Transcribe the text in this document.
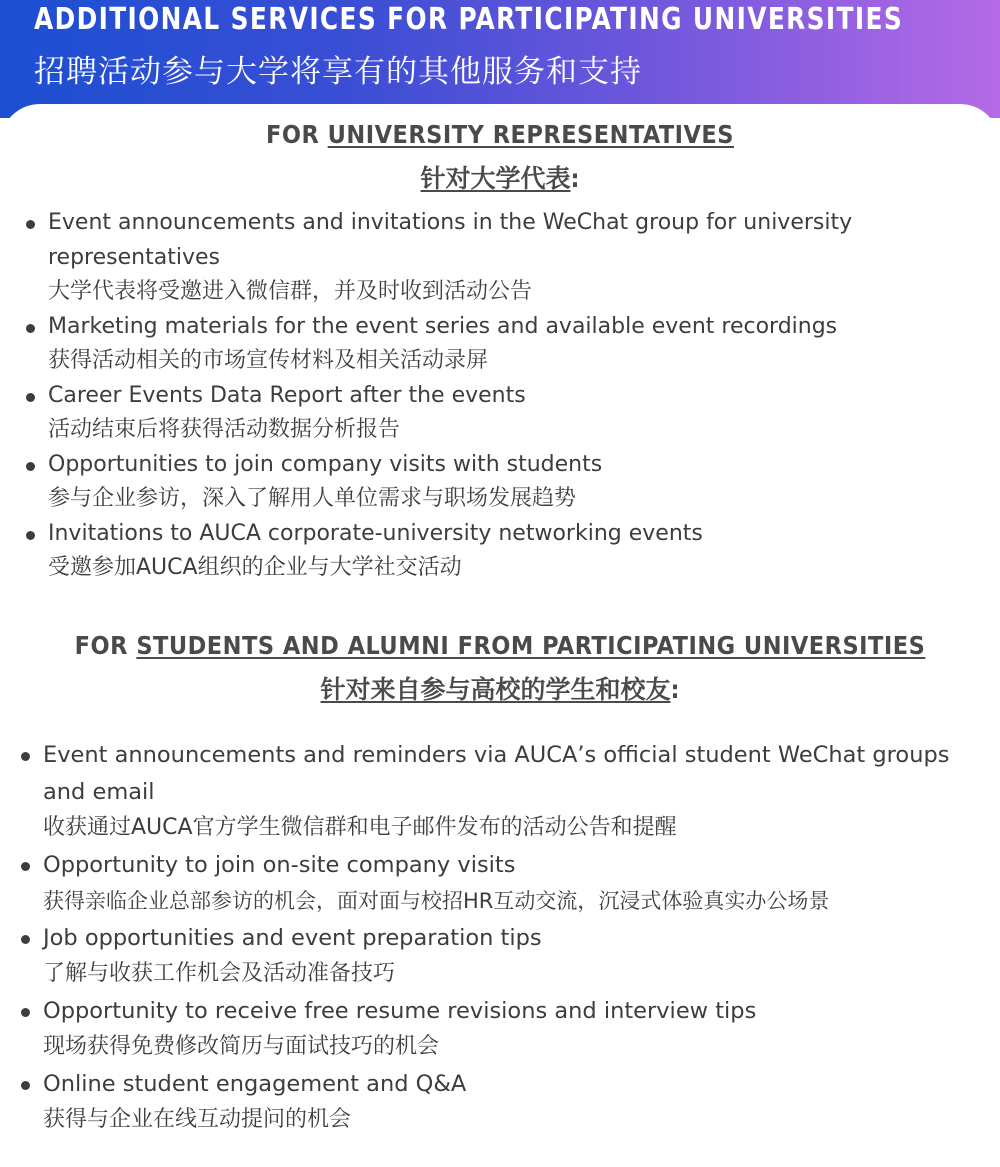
ADDITIONAL SERVICES FOR PARTICIPATING UNIVERSITIES
招聘活动参与大学将享有的其他服务和支持
FOR UNIVERSITY REPRESENTATIVES
针对大学代表:
Event announcements and invitations in the WeChat group for university representatives
大学代表将受邀进入微信群，并及时收到活动公告
Marketing materials for the event series and available event recordings
获得活动相关的市场宣传材料及相关活动录屏
Career Events Data Report after the events
活动结束后将获得活动数据分析报告
Opportunities to join company visits with students
参与企业参访，深入了解用人单位需求与职场发展趋势
Invitations to AUCA corporate-university networking events
受邀参加AUCA组织的企业与大学社交活动
FOR STUDENTS AND ALUMNI FROM PARTICIPATING UNIVERSITIES
针对来自参与高校的学生和校友:
Event announcements and reminders via AUCA’s official student WeChat groups and email
收获通过AUCA官方学生微信群和电子邮件发布的活动公告和提醒
Opportunity to join on-site company visits
获得亲临企业总部参访的机会，面对面与校招HR互动交流，沉浸式体验真实办公场景
Job opportunities and event preparation tips
了解与收获工作机会及活动准备技巧
Opportunity to receive free resume revisions and interview tips
现场获得免费修改简历与面试技巧的机会
Online student engagement and Q&A
获得与企业在线互动提问的机会
